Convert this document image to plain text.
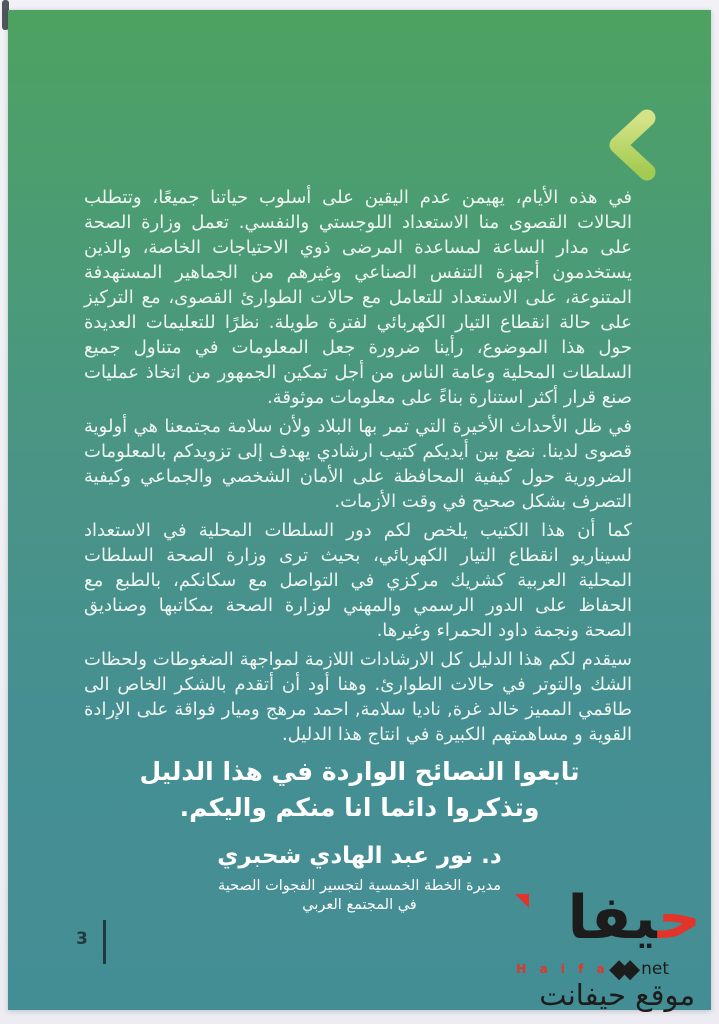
في هذه الأيام، يهيمن عدم اليقين على أسلوب حياتنا جميعًا، وتتطلب الحالات القصوى منا الاستعداد اللوجستي والنفسي. تعمل وزارة الصحة على مدار الساعة لمساعدة المرضى ذوي الاحتياجات الخاصة، والذين يستخدمون أجهزة التنفس الصناعي وغيرهم من الجماهير المستهدفة المتنوعة، على الاستعداد للتعامل مع حالات الطوارئ القصوى، مع التركيز على حالة انقطاع التيار الكهربائي لفترة طويلة. نظرًا للتعليمات العديدة حول هذا الموضوع، رأينا ضرورة جعل المعلومات في متناول جميع السلطات المحلية وعامة الناس من أجل تمكين الجمهور من اتخاذ عمليات صنع قرار أكثر استنارة بناءً على معلومات موثوقة.

في ظل الأحداث الأخيرة التي تمر بها البلاد ولأن سلامة مجتمعنا هي أولوية قصوى لدينا. نضع بين أيديكم كتيب ارشادي يهدف إلى تزويدكم بالمعلومات الضرورية حول كيفية المحافظة على الأمان الشخصي والجماعي وكيفية التصرف بشكل صحيح في وقت الأزمات.

كما أن هذا الكتيب يلخص لكم دور السلطات المحلية في الاستعداد لسيناريو انقطاع التيار الكهربائي، بحيث ترى وزارة الصحة السلطات المحلية العربية كشريك مركزي في التواصل مع سكانكم، بالطبع مع الحفاظ على الدور الرسمي والمهني لوزارة الصحة بمكاتبها وصناديق الصحة ونجمة داود الحمراء وغيرها.

سيقدم لكم هذا الدليل كل الارشادات اللازمة لمواجهة الضغوطات ولحظات الشك والتوتر في حالات الطوارئ. وهنا أود أن أتقدم بالشكر الخاص الى طاقمي المميز خالد غرة, ناديا سلامة, احمد مرهج وميار فواقة على الإرادة القوية و مساهمتهم الكبيرة في انتاج هذا الدليل.

تابعوا النصائح الواردة في هذا الدليل
وتذكروا دائما انا منكم واليكم.
د. نور عبد الهادي شحبري
مديرة الخطة الخمسية لتجسير الفجوات الصحية
في المجتمع العربي
3	ح‍‍يفا
H a i f a ◆◆ net
موقع حيفانت
